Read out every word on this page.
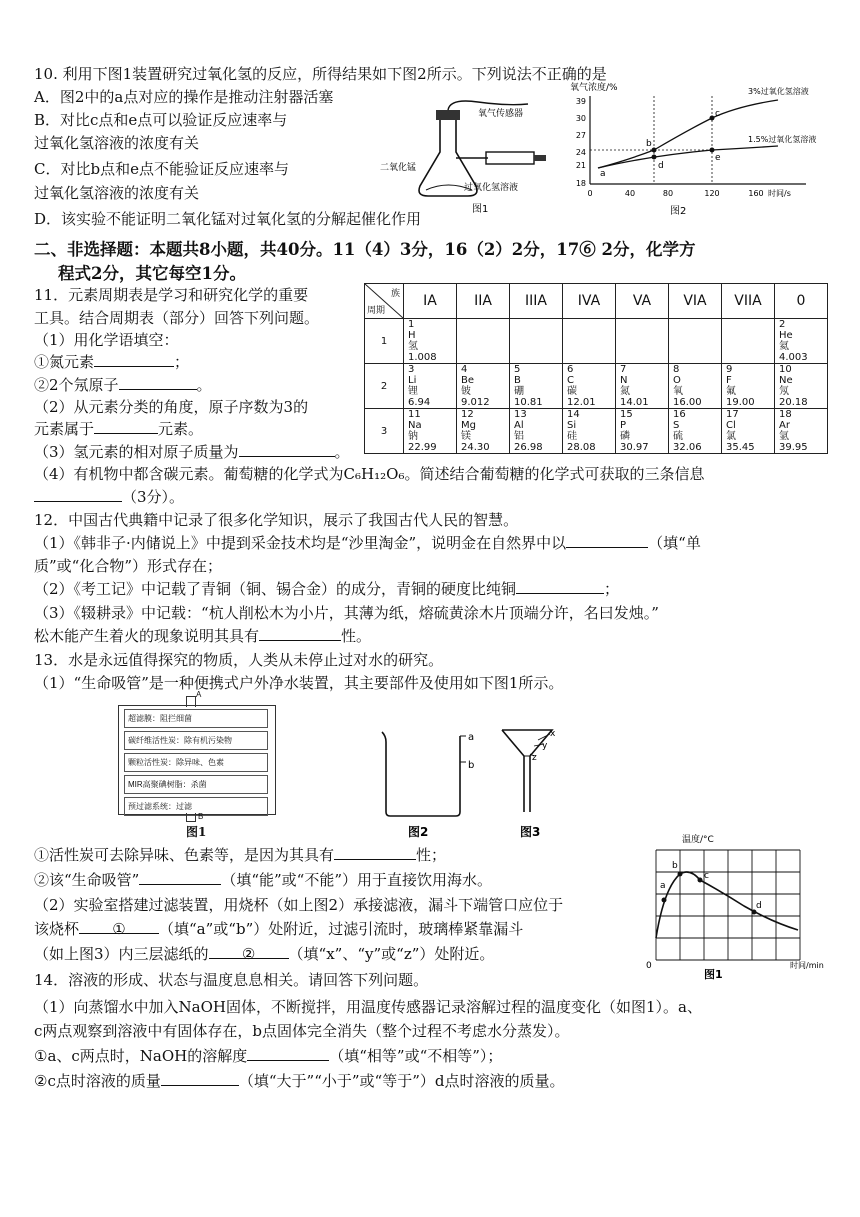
10. 利用下图1装置研究过氧化氢的反应，所得结果如下图2所示。下列说法不正确的是
A．图2中的a点对应的操作是推动注射器活塞
B．对比c点和e点可以验证反应速率与
过氧化氢溶液的浓度有关
C．对比b点和e点不能验证反应速率与
过氧化氢溶液的浓度有关
D．该实验不能证明二氧化锰对过氧化氢的分解起催化作用
氧气传感器
二氧化锰
过氧化氢溶液
图1
氧气浓度/%
39
30
27
24
21
18
0	40	80	120	160 时间/s
a
b
c
d
e
3%过氧化氢溶液
1.5%过氧化氢溶液
图2
二、非选择题：本题共8小题，共40分。11（4）3分，16（2）2分，17⑥ 2分，化学方
程式2分，其它每空1分。
11．元素周期表是学习和研究化学的重要
工具。结合周期表（部分）回答下列问题。
（1）用化学语填空：
①氮元素	；
②2个氖原子	。
（2）从元素分类的角度，原子序数为3的
元素属于	元素。
（3）氢元素的相对原子质量为	。
（4）有机物中都含碳元素。葡萄糖的化学式为C₆H₁₂O₆。简述结合葡萄糖的化学式可获取的三条信息
（3分）。
族
周期	IA	IIA	IIIA	IVA	VA	VIA	VIIA	0
1	1
H
氢
1.008							2
He
氦
4.003

2	3
Li
锂
6.94	4
Be
铍
9.012	5
B
硼
10.81	6
C
碳
12.01	7
N
氮
14.01	8
O
氧
16.00	9
F
氟
19.00	10
Ne
氖
20.18

3	11
Na
钠
22.99	12
Mg
镁
24.30	13
Al
铝
26.98	14
Si
硅
28.08	15
P
磷
30.97	16
S
硫
32.06	17
Cl
氯
35.45	18
Ar
氩
39.95
12．中国古代典籍中记录了很多化学知识，展示了我国古代人民的智慧。
（1）《韩非子·内储说上》中提到采金技术均是“沙里淘金”，说明金在自然界中以	（填“单
质”或“化合物”）形式存在；
（2）《考工记》中记载了青铜（铜、锡合金）的成分，青铜的硬度比纯铜	；
（3）《辍耕录》中记载：“杭人削松木为小片，其薄为纸，熔硫黄涂木片顶端分许，名曰发烛。”
松木能产生着火的现象说明其具有	性。
13．水是永远值得探究的物质，人类从未停止过对水的研究。
（1）“生命吸管”是一种便携式户外净水装置，其主要部件及使用如下图1所示。
A
超滤膜：阻拦细菌
碳纤维活性炭：除有机污染物
颗粒活性炭：除异味、色素
MIR高聚碘树脂：杀菌
预过滤系统：过滤
B
图1
a
b
图2
x
y
z
图3
①活性炭可去除异味、色素等，是因为其具有	性；
②该“生命吸管”	（填“能”或“不能”）用于直接饮用海水。
（2）实验室搭建过滤装置，用烧杯（如上图2）承接滤液，漏斗下端管口应位于
该烧杯 ① （填“a”或“b”）处附近，过滤引流时，玻璃棒紧靠漏斗
（如上图3）内三层滤纸的 ② （填“x”、“y”或“z”）处附近。
温度/°C
a
b
c
d
0	时间/min
图1
14．溶液的形成、状态与温度息息相关。请回答下列问题。
（1）向蒸馏水中加入NaOH固体，不断搅拌，用温度传感器记录溶解过程的温度变化（如图1）。a、
c两点观察到溶液中有固体存在，b点固体完全消失（整个过程不考虑水分蒸发）。
①a、c两点时，NaOH的溶解度	（填“相等”或“不相等”）；
②c点时溶液的质量	（填“大于”“小于”或“等于”）d点时溶液的质量。
